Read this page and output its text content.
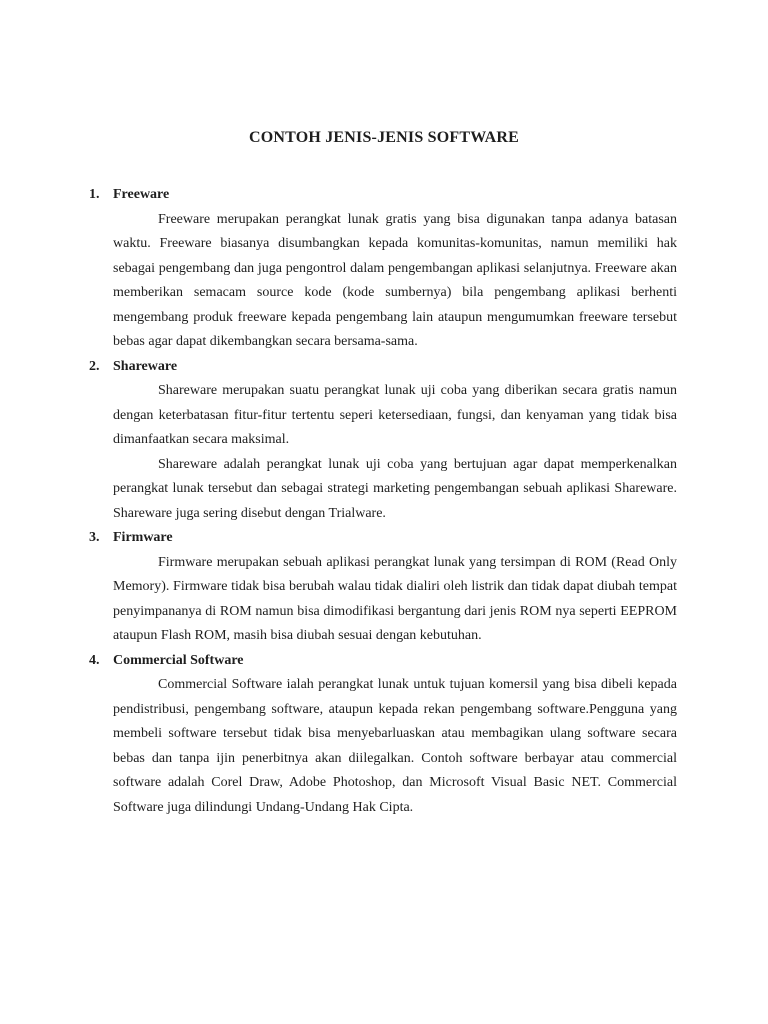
CONTOH JENIS-JENIS SOFTWARE
1. Freeware

Freeware merupakan perangkat lunak gratis yang bisa digunakan tanpa adanya batasan waktu. Freeware biasanya disumbangkan kepada komunitas-komunitas, namun memiliki hak sebagai pengembang dan juga pengontrol dalam pengembangan aplikasi selanjutnya. Freeware akan memberikan semacam source kode (kode sumbernya) bila pengembang aplikasi berhenti mengembang produk freeware kepada pengembang lain ataupun mengumumkan freeware tersebut bebas agar dapat dikembangkan secara bersama-sama.

2. Shareware

Shareware merupakan suatu perangkat lunak uji coba yang diberikan secara gratis namun dengan keterbatasan fitur-fitur tertentu seperi ketersediaan, fungsi, dan kenyaman yang tidak bisa dimanfaatkan secara maksimal.

Shareware adalah perangkat lunak uji coba yang bertujuan agar dapat memperkenalkan perangkat lunak tersebut dan sebagai strategi marketing pengembangan sebuah aplikasi Shareware. Shareware juga sering disebut dengan Trialware.

3. Firmware

Firmware merupakan sebuah aplikasi perangkat lunak yang tersimpan di ROM (Read Only Memory). Firmware tidak bisa berubah walau tidak dialiri oleh listrik dan tidak dapat diubah tempat penyimpananya di ROM namun bisa dimodifikasi bergantung dari jenis ROM nya seperti EEPROM ataupun Flash ROM, masih bisa diubah sesuai dengan kebutuhan.

4. Commercial Software

Commercial Software ialah perangkat lunak untuk tujuan komersil yang bisa dibeli kepada pendistribusi, pengembang software, ataupun kepada rekan pengembang software.Pengguna yang membeli software tersebut tidak bisa menyebarluaskan atau membagikan ulang software secara bebas dan tanpa ijin penerbitnya akan diilegalkan. Contoh software berbayar atau commercial software adalah Corel Draw, Adobe Photoshop, dan Microsoft Visual Basic NET. Commercial Software juga dilindungi Undang-Undang Hak Cipta.
